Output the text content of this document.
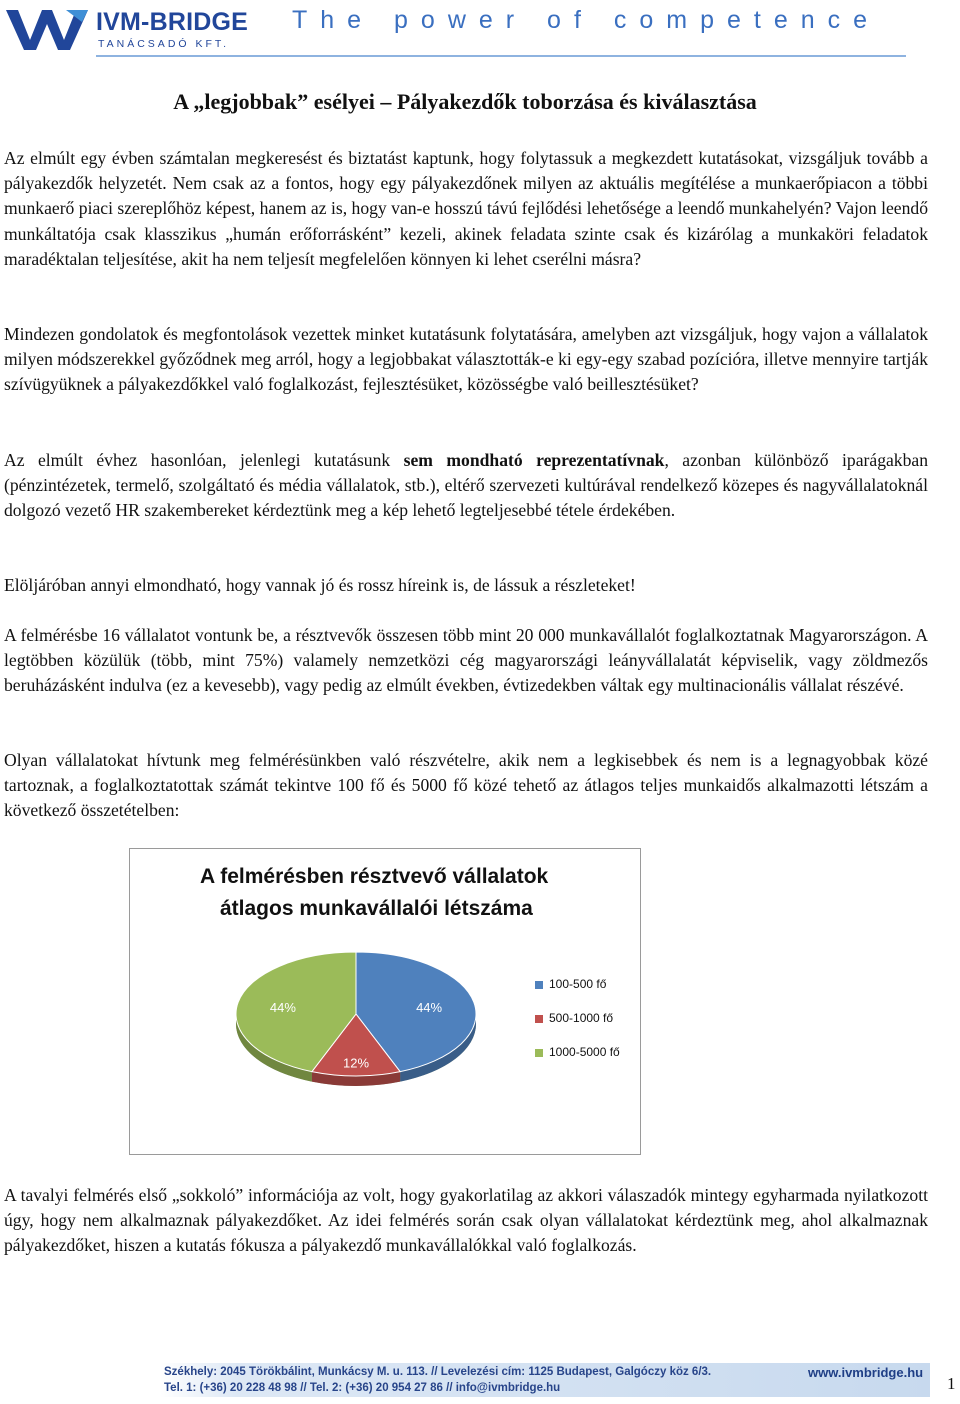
IVM-BRIDGE
TANÁCSADÓ KFT.
The power of competence
A „legjobbak” esélyei – Pályakezdők toborzása és kiválasztása

Az elmúlt egy évben számtalan megkeresést és biztatást kaptunk, hogy folytassuk a megkezdett kutatásokat, vizsgáljuk tovább a pályakezdők helyzetét. Nem csak az a fontos, hogy egy pályakezdőnek milyen az aktuális megítélése a munkaerőpiacon a többi munkaerő piaci szereplőhöz képest, hanem az is, hogy van-e hosszú távú fejlődési lehetősége a leendő munkahelyén? Vajon leendő munkáltatója csak klasszikus „humán erőforrásként” kezeli, akinek feladata szinte csak és kizárólag a munkaköri feladatok maradéktalan teljesítése, akit ha nem teljesít megfelelően könnyen ki lehet cserélni másra?

Mindezen gondolatok és megfontolások vezettek minket kutatásunk folytatására, amelyben azt vizsgáljuk, hogy vajon a vállalatok milyen módszerekkel győződnek meg arról, hogy a legjobbakat választották-e ki egy-egy szabad pozícióra, illetve mennyire tartják szívügyüknek a pályakezdőkkel való foglalkozást, fejlesztésüket, közösségbe való beillesztésüket?

Az elmúlt évhez hasonlóan, jelenlegi kutatásunk sem mondható reprezentatívnak, azonban különböző iparágakban (pénzintézetek, termelő, szolgáltató és média vállalatok, stb.), eltérő szervezeti kultúrával rendelkező közepes és nagyvállalatoknál dolgozó vezető HR szakembereket kérdeztünk meg a kép lehető legteljesebbé tétele érdekében.

Elöljáróban annyi elmondható, hogy vannak jó és rossz híreink is, de lássuk a részleteket!

A felmérésbe 16 vállalatot vontunk be, a résztvevők összesen több mint 20 000 munkavállalót foglalkoztatnak Magyarországon. A legtöbben közülük (több, mint 75%) valamely nemzetközi cég magyarországi leányvállalatát képviselik, vagy zöldmezős beruházásként indulva (ez a kevesebb), vagy pedig az elmúlt években, évtizedekben váltak egy multinacionális vállalat részévé.

Olyan vállalatokat hívtunk meg felmérésünkben való részvételre, akik nem a legkisebbek és nem is a legnagyobbak közé tartoznak, a foglalkoztatottak számát tekintve 100 fő és 5000 fő közé tehető az átlagos teljes munkaidős alkalmazotti létszám a következő összetételben:

A felmérésben résztvevő vállalatok
átlagos munkavállalói létszáma
44%
12%
44%
100-500 fő
500-1000 fő
1000-5000 fő

A tavalyi felmérés első „sokkoló” információja az volt, hogy gyakorlatilag az akkori válaszadók mintegy egyharmada nyilatkozott úgy, hogy nem alkalmaznak pályakezdőket. Az idei felmérés során csak olyan vállalatokat kérdeztünk meg, ahol alkalmaznak pályakezdőket, hiszen a kutatás fókusza a pályakezdő munkavállalókkal való foglalkozás.

Székhely: 2045 Törökbálint, Munkácsy M. u. 113. // Levelezési cím: 1125 Budapest, Galgóczy köz 6/3.
Tel. 1: (+36) 20 228 48 98 // Tel. 2: (+36) 20 954 27 86 // info@ivmbridge.hu
www.ivmbridge.hu
1
